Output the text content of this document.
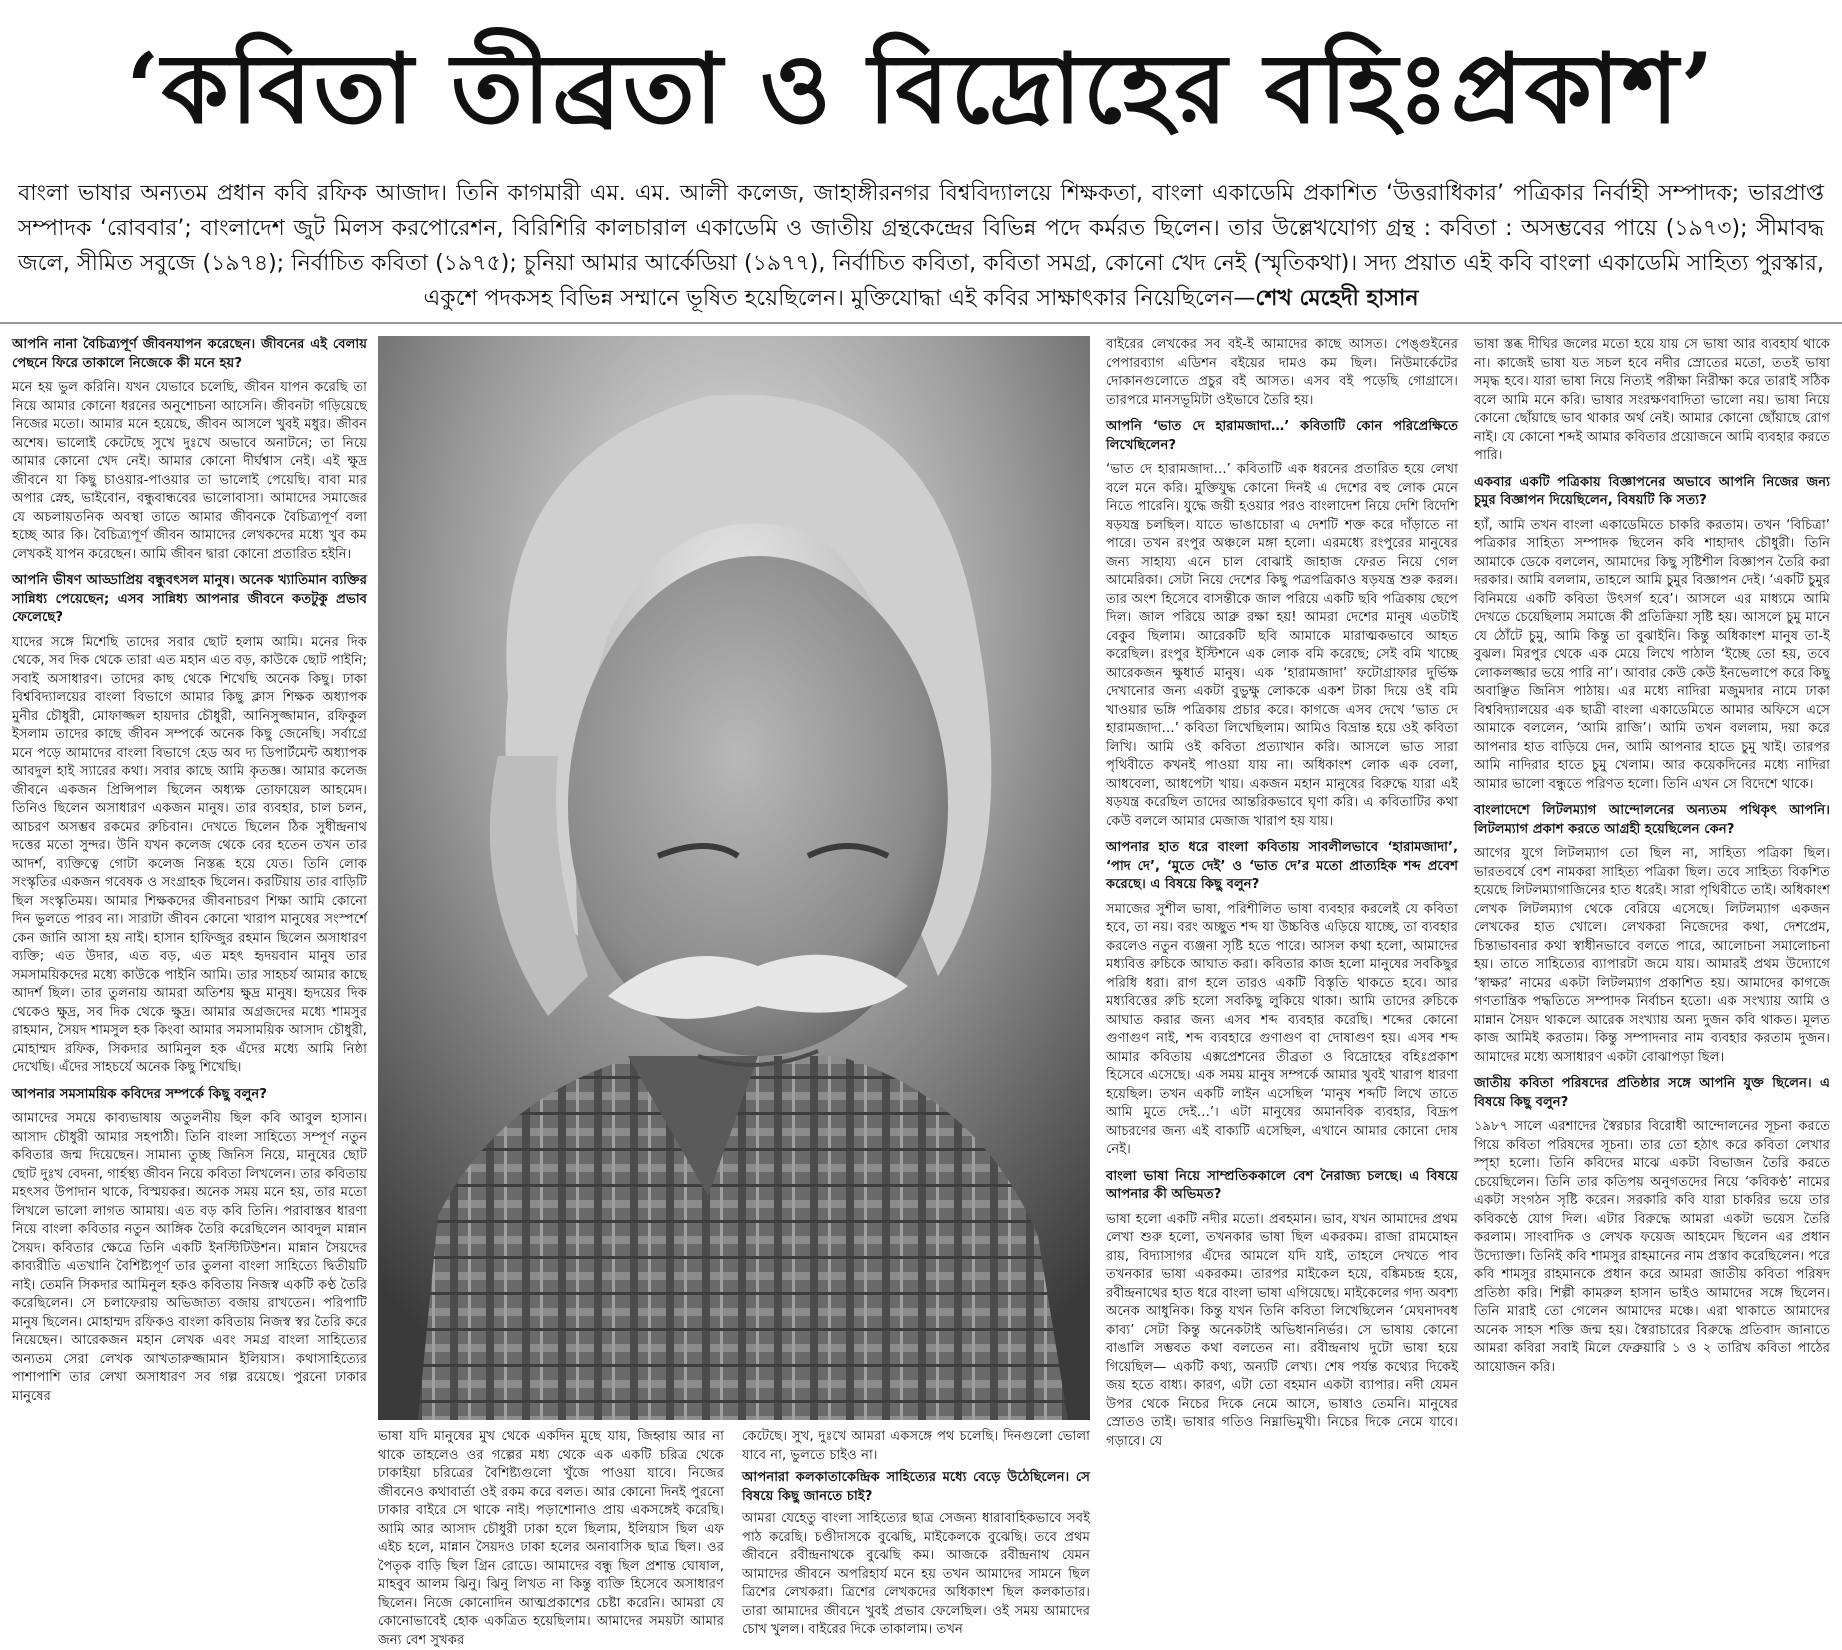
‘কবিতা তীব্রতা ও বিদ্রোহের বহিঃপ্রকাশ’
বাংলা ভাষার অন্যতম প্রধান কবি রফিক আজাদ। তিনি কাগমারী এম. এম. আলী কলেজ, জাহাঙ্গীরনগর বিশ্ববিদ্যালয়ে শিক্ষকতা, বাংলা একাডেমি প্রকাশিত ‘উত্তরাধিকার’ পত্রিকার নির্বাহী সম্পাদক; ভারপ্রাপ্ত সম্পাদক ‘রোববার’; বাংলাদেশ জুট মিলস করপোরেশন, বিরিশিরি কালচারাল একাডেমি ও জাতীয় গ্রন্থকেন্দ্রের বিভিন্ন পদে কর্মরত ছিলেন। তার উল্লেখযোগ্য গ্রন্থ : কবিতা : অসম্ভবের পায়ে (১৯৭৩); সীমাবদ্ধ জলে, সীমিত সবুজে (১৯৭৪); নির্বাচিত কবিতা (১৯৭৫); চুনিয়া আমার আর্কেডিয়া (১৯৭৭), নির্বাচিত কবিতা, কবিতা সমগ্র, কোনো খেদ নেই (স্মৃতিকথা)। সদ্য প্রয়াত এই কবি বাংলা একাডেমি সাহিত্য পুরস্কার, একুশে পদকসহ বিভিন্ন সম্মানে ভূষিত হয়েছিলেন। মুক্তিযোদ্ধা এই কবির সাক্ষাৎকার নিয়েছিলেন—শেখ মেহেদী হাসান

আপনি নানা বৈচিত্র্যপূর্ণ জীবনযাপন করেছেন। জীবনের এই বেলায় পেছনে ফিরে তাকালে নিজেকে কী মনে হয়?

মনে হয় ভুল করিনি। যখন যেভাবে চলেছি, জীবন যাপন করেছি তা নিয়ে আমার কোনো ধরনের অনুশোচনা আসেনি। জীবনটা গড়িয়েছে নিজের মতো। আমার মনে হয়েছে, জীবন আসলে খুবই মধুর। জীবন অশেষ। ভালোই কেটেছে সুখে দুঃখে অভাবে অনাটনে; তা নিয়ে আমার কোনো খেদ নেই। আমার কোনো দীর্ঘশ্বাস নেই। এই ক্ষুদ্র জীবনে যা কিছু চাওয়ার-পাওয়ার তা ভালোই পেয়েছি। বাবা মার অপার স্নেহ, ভাইবোন, বন্ধুবান্ধবের ভালোবাসা। আমাদের সমাজের যে অচলায়তনিক অবস্থা তাতে আমার জীবনকে বৈচিত্র্যপূর্ণ বলা হচ্ছে আর কি। বৈচিত্র্যপূর্ণ জীবন আমাদের লেখকদের মধ্যে খুব কম লেখকই যাপন করেছেন। আমি জীবন দ্বারা কোনো প্রতারিত হইনি।

আপনি ভীষণ আড্ডাপ্রিয় বন্ধুবৎসল মানুষ। অনেক খ্যাতিমান ব্যক্তির সান্নিধ্য পেয়েছেন; এসব সান্নিধ্য আপনার জীবনে কতটুকু প্রভাব ফেলেছে?

যাদের সঙ্গে মিশেছি তাদের সবার ছোট হলাম আমি। মনের দিক থেকে, সব দিক থেকে তারা এত মহান এত বড়, কাউকে ছোট পাইনি; সবাই অসাধারণ। তাদের কাছ থেকে শিখেছি অনেক কিছু। ঢাকা বিশ্ববিদ্যালয়ের বাংলা বিভাগে আমার কিছু ক্লাস শিক্ষক অধ্যাপক মুনীর চৌধুরী, মোফাজ্জল হায়দার চৌধুরী, আনিসুজ্জামান, রফিকুল ইসলাম তাদের কাছে জীবন সম্পর্কে অনেক কিছু জেনেছি। সর্বাগ্রে মনে পড়ে আমাদের বাংলা বিভাগে হেড অব দ্য ডিপার্টমেন্ট অধ্যাপক আবদুল হাই স্যারের কথা। সবার কাছে আমি কৃতজ্ঞ। আমার কলেজ জীবনে একজন প্রিন্সিপাল ছিলেন অধ্যক্ষ তোফায়েল আহমেদ। তিনিও ছিলেন অসাধারণ একজন মানুষ। তার ব্যবহার, চাল চলন, আচরণ অসম্ভব রকমের রুচিবান। দেখতে ছিলেন ঠিক সুধীন্দ্রনাথ দত্তের মতো সুন্দর। উনি যখন কলেজ থেকে বের হতেন তখন তার আদর্শ, ব্যক্তিত্বে গোটা কলেজ নিস্তব্ধ হয়ে যেত। তিনি লোক সংস্কৃতির একজন গবেষক ও সংগ্রাহক ছিলেন। করটিয়ায় তার বাড়িটি ছিল সংস্কৃতিময়। আমার শিক্ষকদের জীবনাচরণ শিক্ষা আমি কোনো দিন ভুলতে পারব না। সারাটা জীবন কোনো খারাপ মানুষের সংস্পর্শে কেন জানি আসা হয় নাই। হাসান হাফিজুর রহমান ছিলেন অসাধারণ ব্যক্তি; এত উদার, এত বড়, এত মহৎ হৃদয়বান মানুষ তার সমসাময়িকদের মধ্যে কাউকে পাইনি আমি। তার সাহচর্য আমার কাছে আদর্শ ছিল। তার তুলনায় আমরা অতিশয় ক্ষুদ্র মানুষ। হৃদয়ের দিক থেকেও ক্ষুদ্র, সব দিক থেকে ক্ষুদ্র। আমার অগ্রজদের মধ্যে শামসুর রাহমান, সৈয়দ শামসুল হক কিংবা আমার সমসাময়িক আসাদ চৌধুরী, মোহাম্মদ রফিক, সিকদার আমিনুল হক এঁদের মধ্যে আমি নিষ্ঠা দেখেছি। এঁদের সাহচর্যে অনেক কিছু শিখেছি।

আপনার সমসাময়িক কবিদের সম্পর্কে কিছু বলুন?

আমাদের সময়ে কাব্যভাষায় অতুলনীয় ছিল কবি আবুল হাসান। আসাদ চৌধুরী আমার সহপাঠী। তিনি বাংলা সাহিত্যে সম্পূর্ণ নতুন কবিতার জন্ম দিয়েছেন। সামান্য তুচ্ছ জিনিস নিয়ে, মানুষের ছোট ছোট দুঃখ বেদনা, গার্হস্থ্য জীবন নিয়ে কবিতা লিখলেন। তার কবিতায় মহৎসব উপাদান থাকে, বিস্ময়কর। অনেক সময় মনে হয়, তার মতো লিখলে ভালো লাগত আমায়। এত বড় কবি তিনি। পরাবাস্তব ধারণা নিয়ে বাংলা কবিতার নতুন আঙ্গিক তৈরি করেছিলেন আবদুল মান্নান সৈয়দ। কবিতার ক্ষেত্রে তিনি একটি ইনস্টিটিউশন। মান্নান সৈয়দের কাব্যরীতি এতখানি বৈশিষ্ট্যপূর্ণ তার তুলনা বাংলা সাহিত্যে দ্বিতীয়টি নাই। তেমনি সিকদার আমিনুল হকও কবিতায় নিজস্ব একটি কণ্ঠ তৈরি করেছিলেন। সে চলাফেরায় অভিজাত্য বজায় রাখতেন। পরিপাটি মানুষ ছিলেন। মোহাম্মদ রফিকও বাংলা কবিতায় নিজস্ব স্বর তৈরি করে নিয়েছেন। আরেকজন মহান লেখক এবং সমগ্র বাংলা সাহিত্যের অন্যতম সেরা লেখক আখতারুজ্জামান ইলিয়াস। কথাসাহিত্যের পাশাপাশি তার লেখা অসাধারণ সব গল্প রয়েছে। পুরনো ঢাকার মানুষের

ভাষা যদি মানুষের মুখ থেকে একদিন মুছে যায়, জিহ্বায় আর না থাকে তাহলেও ওর গল্পের মধ্য থেকে এক একটি চরিত্র থেকে ঢাকাইয়া চরিত্রের বৈশিষ্ট্যগুলো খুঁজে পাওয়া যাবে। নিজের জীবনেও কথাবার্তা ওই রকম করে বলত। আর কোনো দিনই পুরনো ঢাকার বাইরে সে থাকে নাই। পড়াশোনাও প্রায় একসঙ্গেই করেছি। আমি আর আসাদ চৌধুরী ঢাকা হলে ছিলাম, ইলিয়াস ছিল এফ এইচ হলে, মান্নান সৈয়দও ঢাকা হলের অনাবাসিক ছাত্র ছিল। ওর পৈতৃক বাড়ি ছিল গ্রিন রোডে। আমাদের বন্ধু ছিল প্রশান্ত ঘোষাল, মাহবুব আলম ঝিনু। ঝিনু লিখত না কিন্তু ব্যক্তি হিসেবে অসাধারণ ছিলেন। নিজে কোনোদিন আত্মপ্রকাশের চেষ্টা করেনি। আমরা যে কোনোভাবেই হোক একত্রিত হয়েছিলাম। আমাদের সময়টা আমার জন্য বেশ সুখকর

কেটেছে। সুখ, দুঃখে আমরা একসঙ্গে পথ চলেছি। দিনগুলো ভোলা যাবে না, ভুলতে চাইও না।

আপনারা কলকাতাকেন্দ্রিক সাহিত্যের মধ্যে বেড়ে উঠেছিলেন। সে বিষয়ে কিছু জানতে চাই?

আমরা যেহেতু বাংলা সাহিত্যের ছাত্র সেজন্য ধারাবাহিকভাবে সবই পাঠ করেছি। চণ্ডীদাসকে বুঝেছি, মাইকেলকে বুঝেছি। তবে প্রথম জীবনে রবীন্দ্রনাথকে বুঝেছি কম। আজকে রবীন্দ্রনাথ যেমন আমাদের জীবনে অপরিহার্য মনে হয় তখন আমাদের সামনে ছিল ত্রিশের লেখকরা। ত্রিশের লেখকদের অধিকাংশ ছিল কলকাতার। তারা আমাদের জীবনে খুবই প্রভাব ফেলেছিল। ওই সময় আমাদের চোখ খুলল। বাইরের দিকে তাকালাম। তখন

বাইরের লেখকের সব বই-ই আমাদের কাছে আসত। পেঙ্গুইনের পেপারব্যাগ এডিশন বইয়ের দামও কম ছিল। নিউমার্কেটের দোকানগুলোতে প্রচুর বই আসত। এসব বই পড়েছি গোগ্রাসে। তারপরে মানসভূমিটা ওইভাবে তৈরি হয়।

আপনি ‘ভাত দে হারামজাদা…’ কবিতাটি কোন পরিপ্রেক্ষিতে লিখেছিলেন?

‘ভাত দে হারামজাদা…’ কবিতাটি এক ধরনের প্রতারিত হয়ে লেখা বলে মনে করি। মুক্তিযুদ্ধ কোনো দিনই এ দেশের বহু লোক মেনে নিতে পারেনি। যুদ্ধে জয়ী হওয়ার পরও বাংলাদেশ নিয়ে দেশি বিদেশি ষড়যন্ত্র চলছিল। যাতে ভাঙাচোরা এ দেশটি শক্ত করে দাঁড়াতে না পারে। তখন রংপুর অঞ্চলে মঙ্গা হলো। এরমধ্যে রংপুরের মানুষের জন্য সাহায্য এনে চাল বোঝাই জাহাজ ফেরত নিয়ে গেল আমেরিকা। সেটা নিয়ে দেশের কিছু পত্রপত্রিকাও ষড়যন্ত্র শুরু করল। তার অংশ হিসেবে বাসন্তীকে জাল পরিয়ে একটি ছবি পত্রিকায় ছেপে দিল। জাল পরিয়ে আব্রু রক্ষা হয়! আমরা দেশের মানুষ এতটাই বেকুব ছিলাম। আরেকটি ছবি আমাকে মারাত্মকভাবে আহত করেছিল। রংপুর ইস্টিশনে এক লোক বমি করেছে; সেই বমি খাচ্ছে আরেকজন ক্ষুধার্ত মানুষ। এক ‘হারামজাদা’ ফটোগ্রাফার দুর্ভিক্ষ দেখানোর জন্য একটা বুভুক্ষু লোককে একশ টাকা দিয়ে ওই বমি খাওয়ার ভঙ্গি পত্রিকায় প্রচার করে। কাগজে এসব দেখে ‘ভাত দে হারামজাদা…’ কবিতা লিখেছিলাম। আমিও বিভ্রান্ত হয়ে ওই কবিতা লিখি। আমি ওই কবিতা প্রত্যাখান করি। আসলে ভাত সারা পৃথিবীতে কখনই পাওয়া যায় না। অধিকাংশ লোক এক বেলা, আধবেলা, আধপেটা খায়। একজন মহান মানুষের বিরুদ্ধে যারা এই ষড়যন্ত্র করেছিল তাদের আন্তরিকভাবে ঘৃণা করি। এ কবিতাটির কথা কেউ বললে আমার মেজাজ খারাপ হয় যায়।

আপনার হাত ধরে বাংলা কবিতায় সাবলীলভাবে ‘হারামজাদা’, ‘পাদ দে’, ‘মুতে দেই’ ও ‘ভাত দে’র মতো প্রাত্যহিক শব্দ প্রবেশ করেছে। এ বিষয়ে কিছু বলুন?

সমাজের সুশীল ভাষা, পরিশীলিত ভাষা ব্যবহার করলেই যে কবিতা হবে, তা নয়। বরং অচ্ছুত শব্দ যা উচ্চবিত্ত এড়িয়ে যাচ্ছে, তা ব্যবহার করলেও নতুন ব্যঞ্জনা সৃষ্টি হতে পারে। আসল কথা হলো, আমাদের মধ্যবিত্ত রুচিকে আঘাত করা। কবিতার কাজ হলো মানুষের সবকিছুর পরিধি ধরা। রাগ হলে তারও একটি বিস্তৃতি থাকতে হবে। আর মধ্যবিত্তের রুচি হলো সবকিছু লুকিয়ে থাকা। আমি তাদের রুচিকে আঘাত করার জন্য এসব শব্দ ব্যবহার করেছি। শব্দের কোনো গুণাগুণ নাই, শব্দ ব্যবহারে গুণাগুণ বা দোষাগুণ হয়। এসব শব্দ আমার কবিতায় এক্সপ্রেশনের তীব্রতা ও বিদ্রোহের বহিঃপ্রকাশ হিসেবে এসেছে। এক সময় মানুষ সম্পর্কে আমার খুবই খারাপ ধারণা হয়েছিল। তখন একটি লাইন এসেছিল ‘মানুষ শব্দটি লিখে তাতে আমি মুতে দেই…’। এটা মানুষের অমানবিক ব্যবহার, বিদ্রূপ আচরণের জন্য এই বাক্যটি এসেছিল, এখানে আমার কোনো দোষ নেই।

বাংলা ভাষা নিয়ে সাম্প্রতিককালে বেশ নৈরাজ্য চলছে। এ বিষয়ে আপনার কী অভিমত?

ভাষা হলো একটি নদীর মতো। প্রবহমান। ভাব, যখন আমাদের প্রথম লেখা শুরু হলো, তখনকার ভাষা ছিল একরকম। রাজা রামমোহন রায়, বিদ্যাসাগর এঁদের আমলে যদি যাই, তাহলে দেখতে পাব তখনকার ভাষা একরকম। তারপর মাইকেল হয়ে, বঙ্কিমচন্দ্র হয়ে, রবীন্দ্রনাথের হাত ধরে বাংলা ভাষা এগিয়েছে। মাইকেলের গদ্য অবশ্য অনেক আধুনিক। কিন্তু যখন তিনি কবিতা লিখেছিলেন ‘মেঘনাদবধ কাব্য’ সেটা কিন্তু অনেকটাই অভিধাননির্ভর। সে ভাষায় কোনো বাঙালি সম্ভবত কথা বলতেন না। রবীন্দ্রনাথ দুটো ভাষা হয়ে গিয়েছিল— একটি কথ্য, অন্যটি লেখ্য। শেষ পর্যন্ত কথ্যের দিকেই জয় হতে বাধ্য। কারণ, এটা তো বহমান একটা ব্যাপার। নদী যেমন উপর থেকে নিচের দিকে নেমে আসে, ভাষাও তেমনি। মানুষের স্রোতও তাই। ভাষার গতিও নিম্নাভিমুখী। নিচের দিকে নেমে যাবে। গড়াবে। যে

ভাষা স্তব্ধ দীঘির জলের মতো হয়ে যায় সে ভাষা আর ব্যবহার্য থাকে না। কাজেই ভাষা যত সচল হবে নদীর স্রোতের মতো, ততই ভাষা সমৃদ্ধ হবে। যারা ভাষা নিয়ে নিত্যই পরীক্ষা নিরীক্ষা করে তারাই সঠিক বলে আমি মনে করি। ভাষার সংরক্ষণবাদিতা ভালো নয়। ভাষা নিয়ে কোনো ছোঁয়াছে ভাব থাকার অর্থ নেই। আমার কোনো ছোঁয়াছে রোগ নাই। যে কোনো শব্দই আমার কবিতার প্রয়োজনে আমি ব্যবহার করতে পারি।

একবার একটি পত্রিকায় বিজ্ঞাপনের অভাবে আপনি নিজের জন্য চুমুর বিজ্ঞাপন দিয়েছিলেন, বিষয়টি কি সত্য?

হ্যাঁ, আমি তখন বাংলা একাডেমিতে চাকরি করতাম। তখন ‘বিচিত্রা’ পত্রিকার সাহিত্য সম্পাদক ছিলেন কবি শাহাদাৎ চৌধুরী। তিনি আমাকে ডেকে বললেন, আমাদের কিছু সৃষ্টিশীল বিজ্ঞাপন তৈরি করা দরকার। আমি বললাম, তাহলে আমি চুমুর বিজ্ঞাপন দেই। ‘একটি চুমুর বিনিময়ে একটি কবিতা উৎসর্গ হবে’। আসলে এর মাধ্যমে আমি দেখতে চেয়েছিলাম সমাজে কী প্রতিক্রিয়া সৃষ্টি হয়। আসলে চুমু মানে যে ঠোঁটে চুমু, আমি কিন্তু তা বুঝাইনি। কিন্তু অধিকাংশ মানুষ তা-ই বুঝল। মিরপুর থেকে এক মেয়ে লিখে পাঠাল ‘ইচ্ছে তো হয়, তবে লোকলজ্জার ভয়ে পারি না’। আবার কেউ কেউ ইনভেলাপে করে কিছু অবাঞ্ছিত জিনিস পাঠায়। এর মধ্যে নাদিরা মজুমদার নামে ঢাকা বিশ্ববিদ্যালয়ের এক ছাত্রী বাংলা একাডেমিতে আমার অফিসে এসে আমাকে বললেন, ‘আমি রাজি’। আমি তখন বললাম, দয়া করে আপনার হাত বাড়িয়ে দেন, আমি আপনার হাতে চুমু খাই। তারপর আমি নাদিরার হাতে চুমু খেলাম। আর কয়েকদিনের মধ্যে নাদিরা আমার ভালো বন্ধুতে পরিণত হলো। তিনি এখন সে বিদেশে থাকে।

বাংলাদেশে লিটলম্যাগ আন্দোলনের অন্যতম পথিকৃৎ আপনি। লিটলম্যাগ প্রকাশ করতে আগ্রহী হয়েছিলেন কেন?

আগের যুগে লিটলম্যাগ তো ছিল না, সাহিত্য পত্রিকা ছিল। ভারতবর্ষে বেশ নামকরা সাহিত্য পত্রিকা ছিল। তবে সাহিত্য বিকশিত হয়েছে লিটলম্যাগাজিনের হাত ধরেই। সারা পৃথিবীতে তাই। অধিকাংশ লেখক লিটলম্যাগ থেকে বেরিয়ে এসেছে। লিটলম্যাগ একজন লেখকের হাত খোলে। লেখকরা নিজেদের কথা, দেশপ্রেম, চিন্তাভাবনার কথা স্বাধীনভাবে বলতে পারে, আলোচনা সমালোচনা হয়। তাতে সাহিত্যের ব্যাপারটা জমে যায়। আমারই প্রথম উদ্যোগে ‘স্বাক্ষর’ নামের একটা লিটলম্যাগ প্রকাশিত হয়। আমাদের কাগজে গণতান্ত্রিক পদ্ধতিতে সম্পাদক নির্বাচন হতো। এক সংখ্যায় আমি ও মান্নান সৈয়দ থাকলে আরেক সংখ্যায় অন্য দুজন কবি থাকত। মূলত কাজ আমিই করতাম। কিন্তু সম্পাদনার নাম ব্যবহার করতাম দুজন। আমাদের মধ্যে অসাধারণ একটা বোঝাপড়া ছিল।

জাতীয় কবিতা পরিষদের প্রতিষ্ঠার সঙ্গে আপনি যুক্ত ছিলেন। এ বিষয়ে কিছু বলুন?

১৯৮৭ সালে এরশাদের স্বৈরচার বিরোধী আন্দোলনের সূচনা করতে গিয়ে কবিতা পরিষদের সূচনা। তার তো হঠাৎ করে কবিতা লেখার স্পৃহা হলো। তিনি কবিদের মাঝে একটা বিভাজন তৈরি করতে চেয়েছিলেন। তিনি তার কতিপয় অনুগতদের নিয়ে ‘কবিকণ্ঠ’ নামের একটা সংগঠন সৃষ্টি করেন। সরকারি কবি যারা চাকরির ভয়ে তার কবিকণ্ঠে যোগ দিল। এটার বিরুদ্ধে আমরা একটা ভয়েস তৈরি করলাম। সাংবাদিক ও লেখক ফয়েজ আহমেদ ছিলেন এর প্রধান উদ্যোক্তা। তিনিই কবি শামসুর রাহমানের নাম প্রস্তাব করেছিলেন। পরে কবি শামসুর রাহমানকে প্রধান করে আমরা জাতীয় কবিতা পরিষদ প্রতিষ্ঠা করি। শিল্পী কামরুল হাসান ভাইও আমাদের সঙ্গে ছিলেন। তিনি মারাই তো গেলেন আমাদের মঞ্চে। এরা থাকাতে আমাদের অনেক সাহস শক্তি জন্ম হয়। স্বৈরাচারের বিরুদ্ধে প্রতিবাদ জানাতে আমরা কবিরা সবাই মিলে ফেব্রুয়ারি ১ ও ২ তারিখ কবিতা পাঠের আয়োজন করি।
